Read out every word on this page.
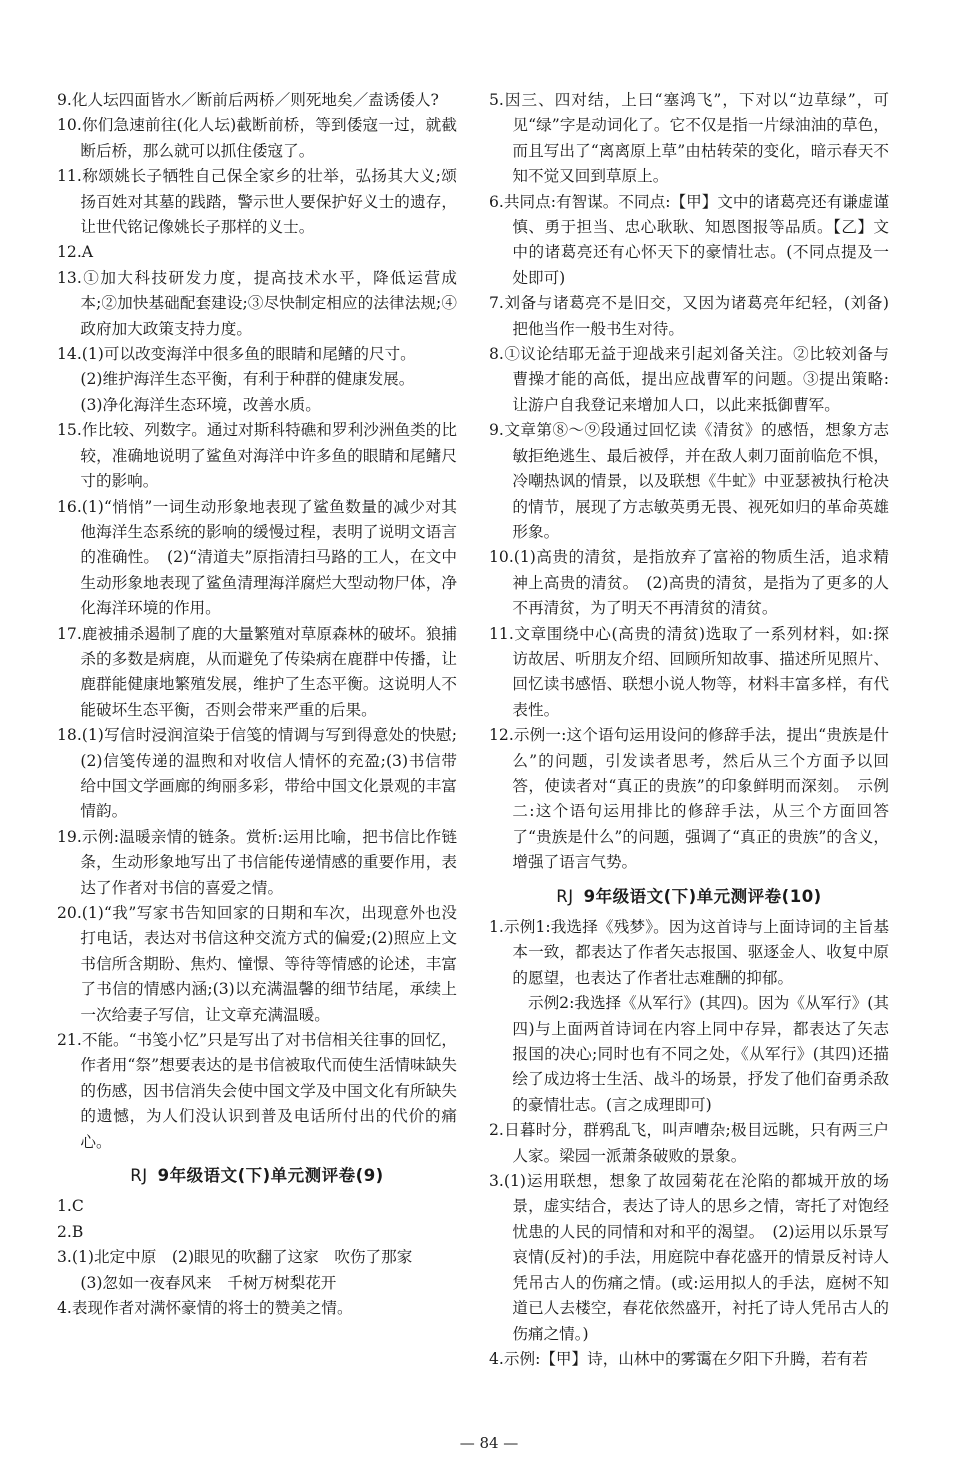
9.化人坛四面皆水／断前后两桥／则死地矣／盍诱倭人?
10.你们急速前往(化人坛)截断前桥，等到倭寇一过，就截断后桥，那么就可以抓住倭寇了。
11.称颂姚长子牺牲自己保全家乡的壮举，弘扬其大义;颂扬百姓对其墓的践踏，警示世人要保护好义士的遗存，让世代铭记像姚长子那样的义士。
12.A
13.①加大科技研发力度，提高技术水平，降低运营成本;②加快基础配套建设;③尽快制定相应的法律法规;④政府加大政策支持力度。
14.(1)可以改变海洋中很多鱼的眼睛和尾鳍的尺寸。
(2)维护海洋生态平衡，有利于种群的健康发展。
(3)净化海洋生态环境，改善水质。
15.作比较、列数字。通过对斯科特礁和罗利沙洲鱼类的比较，准确地说明了鲨鱼对海洋中许多鱼的眼睛和尾鳍尺寸的影响。
16.(1)“悄悄”一词生动形象地表现了鲨鱼数量的减少对其他海洋生态系统的影响的缓慢过程，表明了说明文语言的准确性。　(2)“清道夫”原指清扫马路的工人，在文中生动形象地表现了鲨鱼清理海洋腐烂大型动物尸体，净化海洋环境的作用。
17.鹿被捕杀遏制了鹿的大量繁殖对草原森林的破坏。狼捕杀的多数是病鹿，从而避免了传染病在鹿群中传播，让鹿群能健康地繁殖发展，维护了生态平衡。这说明人不能破坏生态平衡，否则会带来严重的后果。
18.(1)写信时浸润渲染于信笺的情调与写到得意处的快慰;(2)信笺传递的温煦和对收信人情怀的充盈;(3)书信带给中国文学画廊的绚丽多彩，带给中国文化景观的丰富情韵。
19.示例:温暖亲情的链条。赏析:运用比喻，把书信比作链条，生动形象地写出了书信能传递情感的重要作用，表达了作者对书信的喜爱之情。
20.(1)“我”写家书告知回家的日期和车次，出现意外也没打电话，表达对书信这种交流方式的偏爱;(2)照应上文书信所含期盼、焦灼、憧憬、等待等情感的论述，丰富了书信的情感内涵;(3)以充满温馨的细节结尾，承续上一次给妻子写信，让文章充满温暖。
21.不能。“书笺小忆”只是写出了对书信相关往事的回忆，作者用“祭”想要表达的是书信被取代而使生活情味缺失的伤感，因书信消失会使中国文学及中国文化有所缺失的遗憾，为人们没认识到普及电话所付出的代价的痛心。
RJ 9年级语文(下)单元测评卷(9)
1.C
2.B
3.(1)北定中原　(2)眼见的吹翻了这家　吹伤了那家
(3)忽如一夜春风来　千树万树梨花开
4.表现作者对满怀豪情的将士的赞美之情。
5.因三、四对结，上曰“塞鸿飞”，下对以“边草绿”，可见“绿”字是动词化了。它不仅是指一片绿油油的草色，而且写出了“离离原上草”由枯转荣的变化，暗示春天不知不觉又回到草原上。
6.共同点:有智谋。不同点:【甲】文中的诸葛亮还有谦虚谨慎、勇于担当、忠心耿耿、知恩图报等品质。【乙】文中的诸葛亮还有心怀天下的豪情壮志。(不同点提及一处即可)
7.刘备与诸葛亮不是旧交，又因为诸葛亮年纪轻，(刘备)把他当作一般书生对待。
8.①议论结耶无益于迎战来引起刘备关注。②比较刘备与曹操才能的高低，提出应战曹军的问题。③提出策略:让游户自我登记来增加人口，以此来抵御曹军。
9.文章第⑧～⑨段通过回忆读《清贫》的感悟，想象方志敏拒绝逃生、最后被俘，并在敌人刺刀面前临危不惧，冷嘲热讽的情景，以及联想《牛虻》中亚瑟被执行枪决的情节，展现了方志敏英勇无畏、视死如归的革命英雄形象。
10.(1)高贵的清贫，是指放弃了富裕的物质生活，追求精神上高贵的清贫。　(2)高贵的清贫，是指为了更多的人不再清贫，为了明天不再清贫的清贫。
11.文章围绕中心(高贵的清贫)选取了一系列材料，如:探访故居、听朋友介绍、回顾所知故事、描述所见照片、回忆读书感悟、联想小说人物等，材料丰富多样，有代表性。
12.示例一:这个语句运用设问的修辞手法，提出“贵族是什么”的问题，引发读者思考，然后从三个方面予以回答，使读者对“真正的贵族”的印象鲜明而深刻。　示例二:这个语句运用排比的修辞手法，从三个方面回答了“贵族是什么”的问题，强调了“真正的贵族”的含义，增强了语言气势。
RJ 9年级语文(下)单元测评卷(10)
1.示例1:我选择《残梦》。因为这首诗与上面诗词的主旨基本一致，都表达了作者矢志报国、驱逐金人、收复中原的愿望，也表达了作者壮志难酬的抑郁。
示例2:我选择《从军行》(其四)。因为《从军行》(其四)与上面两首诗词在内容上同中存异，都表达了矢志报国的决心;同时也有不同之处，《从军行》(其四)还描绘了成边将士生活、战斗的场景，抒发了他们奋勇杀敌的豪情壮志。(言之成理即可)
2.日暮时分，群鸦乱飞，叫声嘈杂;极目远眺，只有两三户人家。梁园一派萧条破败的景象。
3.(1)运用联想，想象了故园菊花在沦陷的都城开放的场景，虚实结合，表达了诗人的思乡之情，寄托了对饱经忧患的人民的同情和对和平的渴望。　(2)运用以乐景写哀情(反衬)的手法，用庭院中春花盛开的情景反衬诗人凭吊古人的伤痛之情。(或:运用拟人的手法，庭树不知道已人去楼空，春花依然盛开，衬托了诗人凭吊古人的伤痛之情。)
4.示例:【甲】诗，山林中的雾霭在夕阳下升腾，若有若
— 84 —
